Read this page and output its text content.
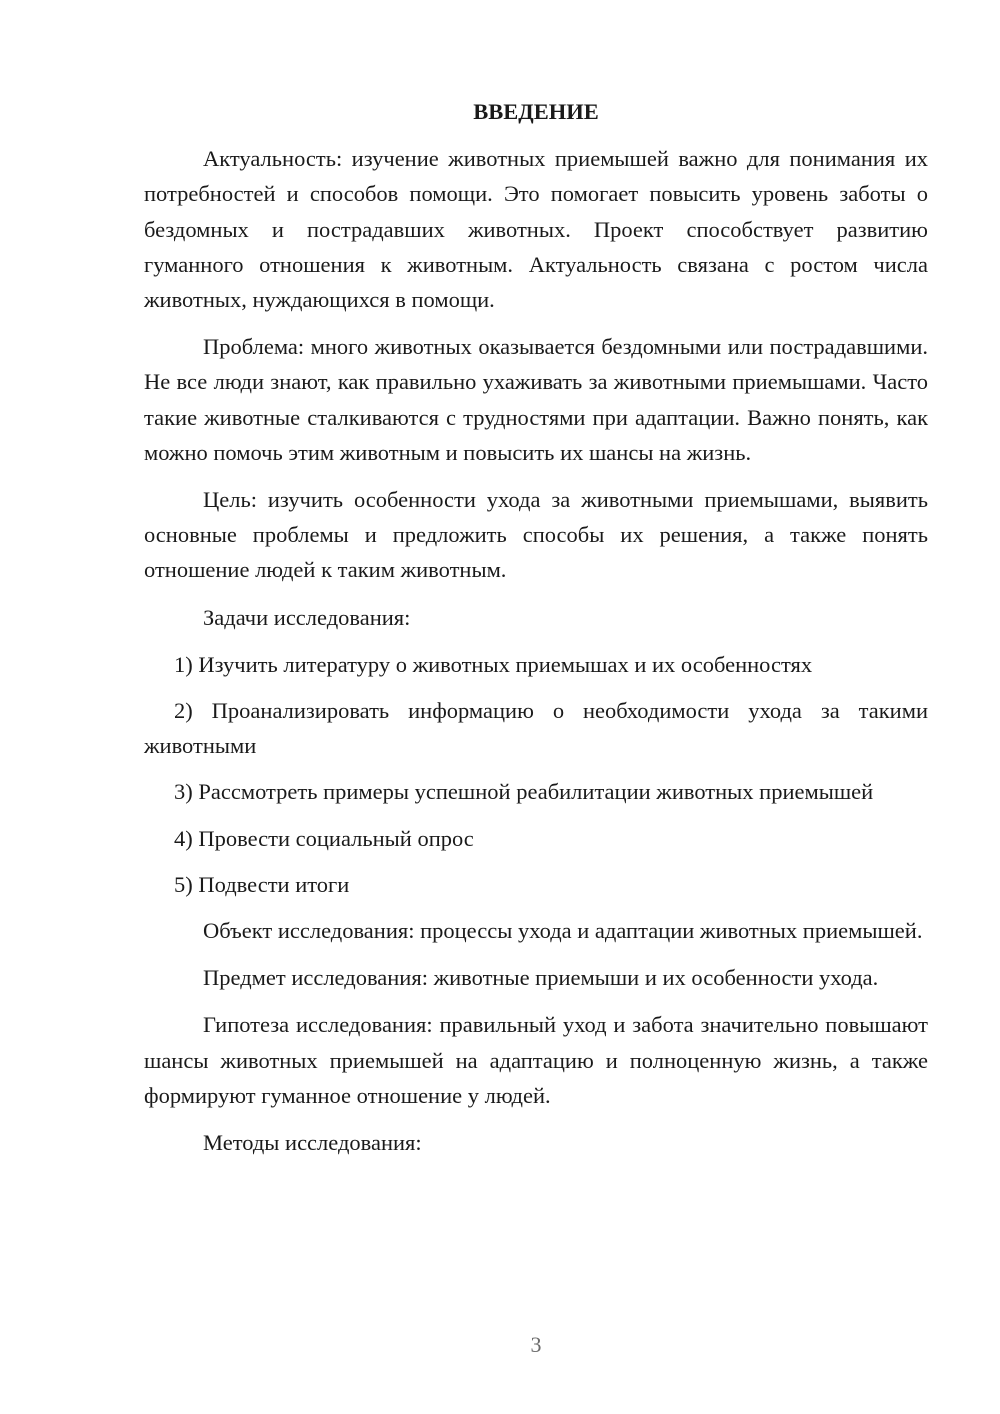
ВВЕДЕНИЕ

Актуальность: изучение животных приемышей важно для понимания их потребностей и способов помощи. Это помогает повысить уровень заботы о бездомных и пострадавших животных. Проект способствует развитию гуманного отношения к животным. Актуальность связана с ростом числа животных, нуждающихся в помощи.

Проблема: много животных оказывается бездомными или пострадавшими. Не все люди знают, как правильно ухаживать за животными приемышами. Часто такие животные сталкиваются с трудностями при адаптации. Важно понять, как можно помочь этим животным и повысить их шансы на жизнь.

Цель: изучить особенности ухода за животными приемышами, выявить основные проблемы и предложить способы их решения, а также понять отношение людей к таким животным.

Задачи исследования:

1) Изучить литературу о животных приемышах и их особенностях

2) Проанализировать информацию о необходимости ухода за такими животными

3) Рассмотреть примеры успешной реабилитации животных приемышей

4) Провести социальный опрос

5) Подвести итоги

Объект исследования: процессы ухода и адаптации животных приемышей.

Предмет исследования: животные приемыши и их особенности ухода.

Гипотеза исследования: правильный уход и забота значительно повышают шансы животных приемышей на адаптацию и полноценную жизнь, а также формируют гуманное отношение у людей.

Методы исследования:

3
